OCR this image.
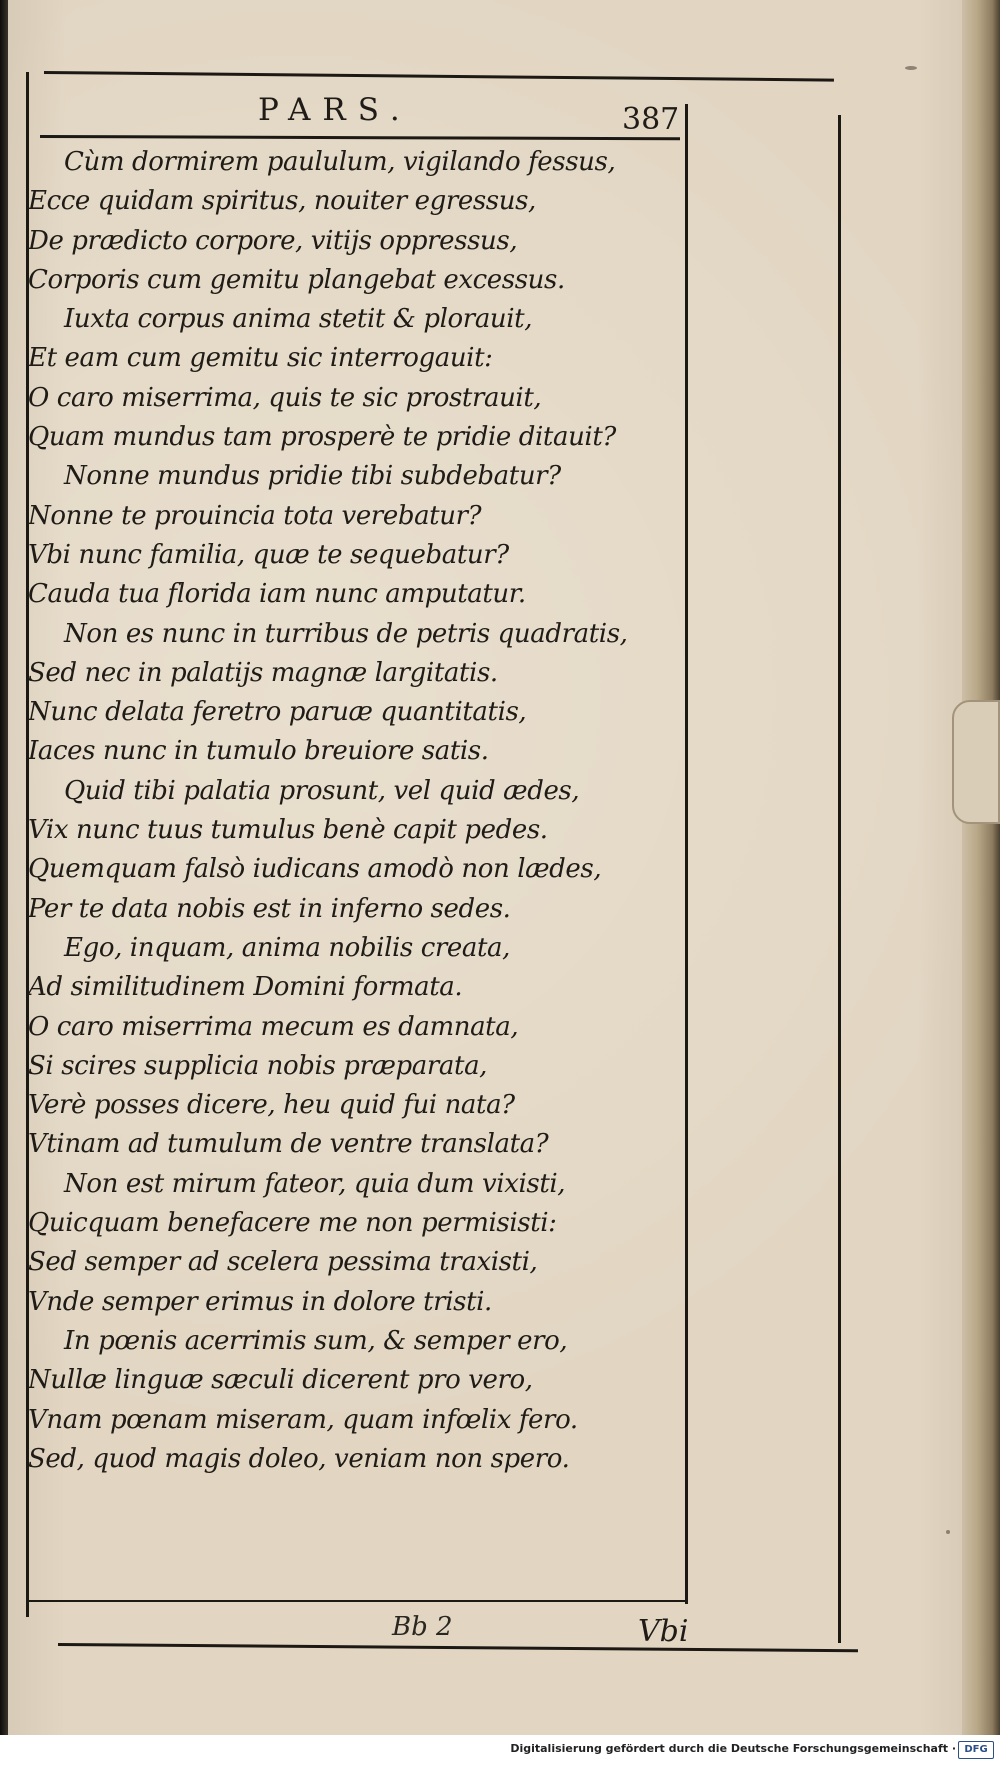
PARS.	387
Cùm dormirem paululum, vigilando fessus,
Ecce quidam spiritus, nouiter egressus,
De prædicto corpore, vitijs oppressus,
Corporis cum gemitu plangebat excessus.
Iuxta corpus anima stetit & plorauit,
Et eam cum gemitu sic interrogauit:
O caro miserrima, quis te sic prostrauit,
Quam mundus tam prosperè te pridie ditauit?
Nonne mundus pridie tibi subdebatur?
Nonne te prouincia tota verebatur?
Vbi nunc familia, quæ te sequebatur?
Cauda tua florida iam nunc amputatur.
Non es nunc in turribus de petris quadratis,
Sed nec in palatijs magnæ largitatis.
Nunc delata feretro paruæ quantitatis,
Iaces nunc in tumulo breuiore satis.
Quid tibi palatia prosunt, vel quid ædes,
Vix nunc tuus tumulus benè capit pedes.
Quemquam falsò iudicans amodò non lædes,
Per te data nobis est in inferno sedes.
Ego, inquam, anima nobilis creata,
Ad similitudinem Domini formata.
O caro miserrima mecum es damnata,
Si scires supplicia nobis præparata,
Verè posses dicere, heu quid fui nata?
Vtinam ad tumulum de ventre translata?
Non est mirum fateor, quia dum vixisti,
Quicquam benefacere me non permisisti:
Sed semper ad scelera pessima traxisti,
Vnde semper erimus in dolore tristi.
In pœnis acerrimis sum, & semper ero,
Nullæ linguæ sæculi dicerent pro vero,
Vnam pœnam miseram, quam infœlix fero.
Sed, quod magis doleo, veniam non spero.
Bb 2	Vbi
Digitalisierung gefördert durch die Deutsche Forschungsgemeinschaft · DFG
